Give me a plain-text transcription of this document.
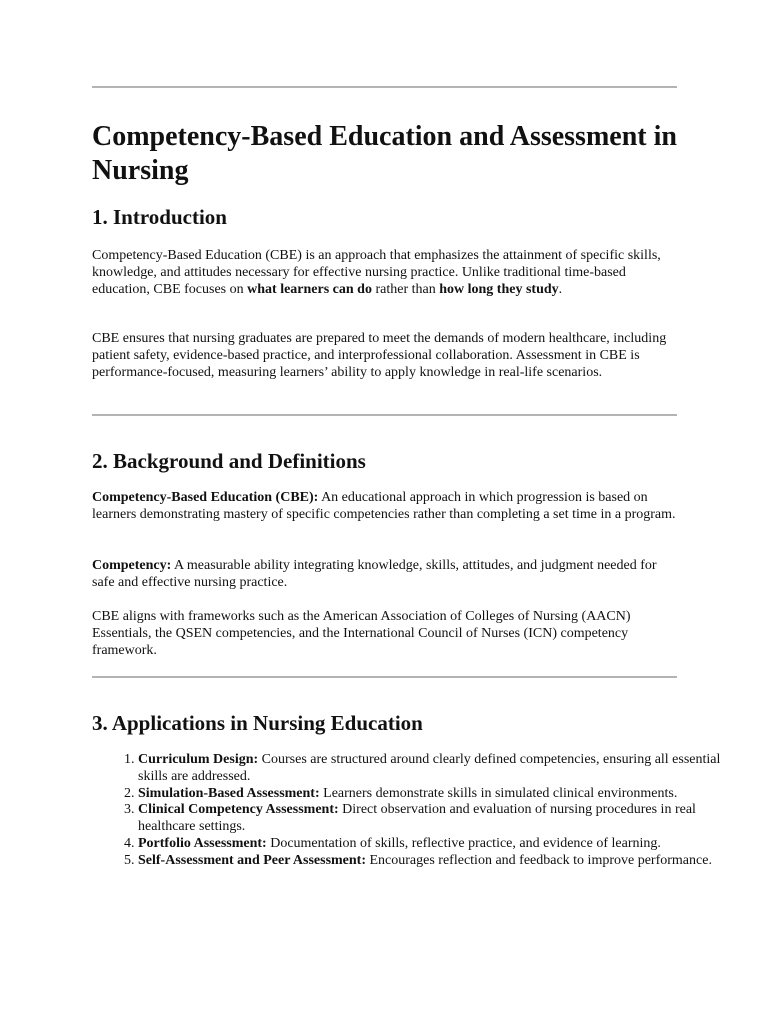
Competency-Based Education and Assessment in Nursing
1. Introduction
Competency-Based Education (CBE) is an approach that emphasizes the attainment of specific skills, knowledge, and attitudes necessary for effective nursing practice. Unlike traditional time-based education, CBE focuses on what learners can do rather than how long they study.
CBE ensures that nursing graduates are prepared to meet the demands of modern healthcare, including patient safety, evidence-based practice, and interprofessional collaboration. Assessment in CBE is performance-focused, measuring learners’ ability to apply knowledge in real-life scenarios.
2. Background and Definitions
Competency-Based Education (CBE): An educational approach in which progression is based on learners demonstrating mastery of specific competencies rather than completing a set time in a program.
Competency: A measurable ability integrating knowledge, skills, attitudes, and judgment needed for safe and effective nursing practice.
CBE aligns with frameworks such as the American Association of Colleges of Nursing (AACN) Essentials, the QSEN competencies, and the International Council of Nurses (ICN) competency framework.
3. Applications in Nursing Education
1. Curriculum Design: Courses are structured around clearly defined competencies, ensuring all essential skills are addressed.
2. Simulation-Based Assessment: Learners demonstrate skills in simulated clinical environments.
3. Clinical Competency Assessment: Direct observation and evaluation of nursing procedures in real healthcare settings.
4. Portfolio Assessment: Documentation of skills, reflective practice, and evidence of learning.
5. Self-Assessment and Peer Assessment: Encourages reflection and feedback to improve performance.
